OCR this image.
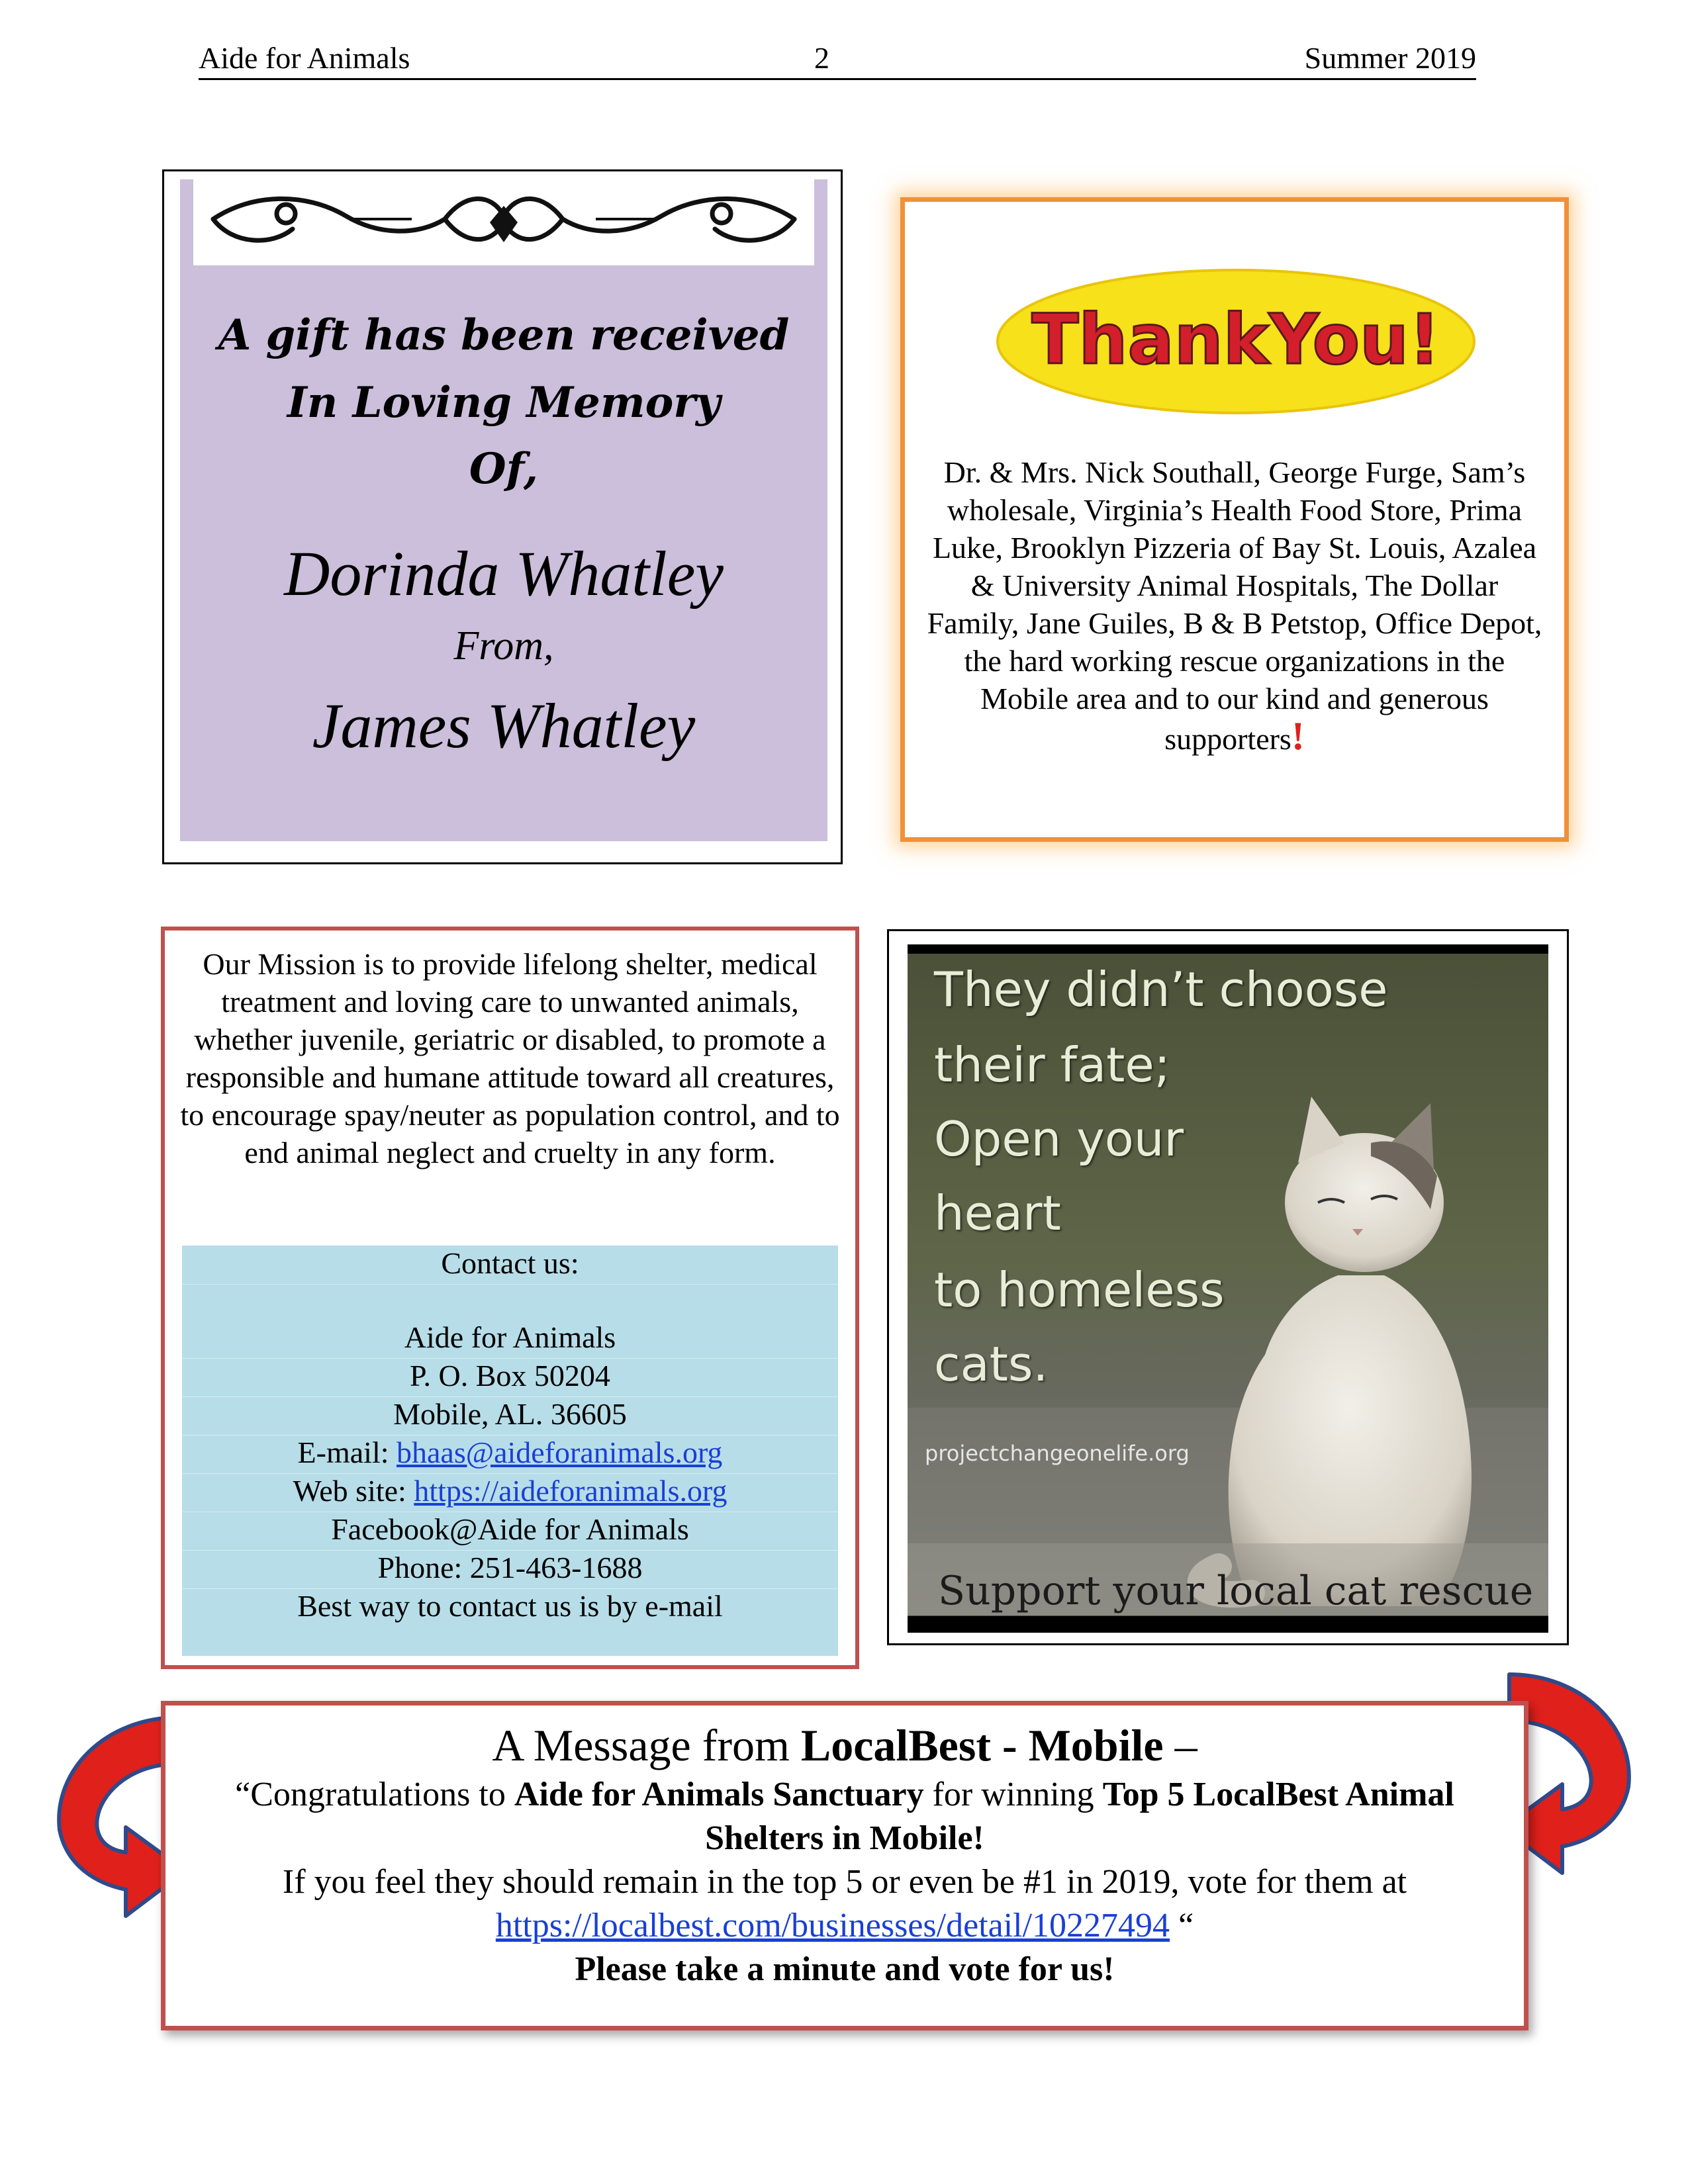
Aide for Animals	2	Summer 2019
A gift has been received
In Loving Memory
Of,
Dorinda Whatley
From,
James Whatley
ThankYou!
Dr. & Mrs. Nick Southall, George Furge, Sam’s wholesale, Virginia’s Health Food Store, Prima Luke, Brooklyn Pizzeria of Bay St. Louis, Azalea & University Animal Hospitals, The Dollar Family, Jane Guiles, B & B Petstop, Office Depot, the hard working rescue organizations in the Mobile area and to our kind and generous supporters!
Our Mission is to provide lifelong shelter, medical treatment and loving care to unwanted animals, whether juvenile, geriatric or disabled, to promote a responsible and humane attitude toward all creatures, to encourage spay/neuter as population control, and to end animal neglect and cruelty in any form.
Contact us:
Aide for Animals
P. O. Box 50204
Mobile, AL. 36605
E-mail: bhaas@aideforanimals.org
Web site: https://aideforanimals.org
Facebook@Aide for Animals
Phone: 251-463-1688
Best way to contact us is by e-mail
They didn’t choose
their fate;
Open your
heart
to homeless
cats.
projectchangeonelife.org
Support your local cat rescue
A Message from LocalBest - Mobile –
“Congratulations to Aide for Animals Sanctuary for winning Top 5 LocalBest Animal Shelters in Mobile!
If you feel they should remain in the top 5 or even be #1 in 2019, vote for them at
https://localbest.com/businesses/detail/10227494 “
Please take a minute and vote for us!
